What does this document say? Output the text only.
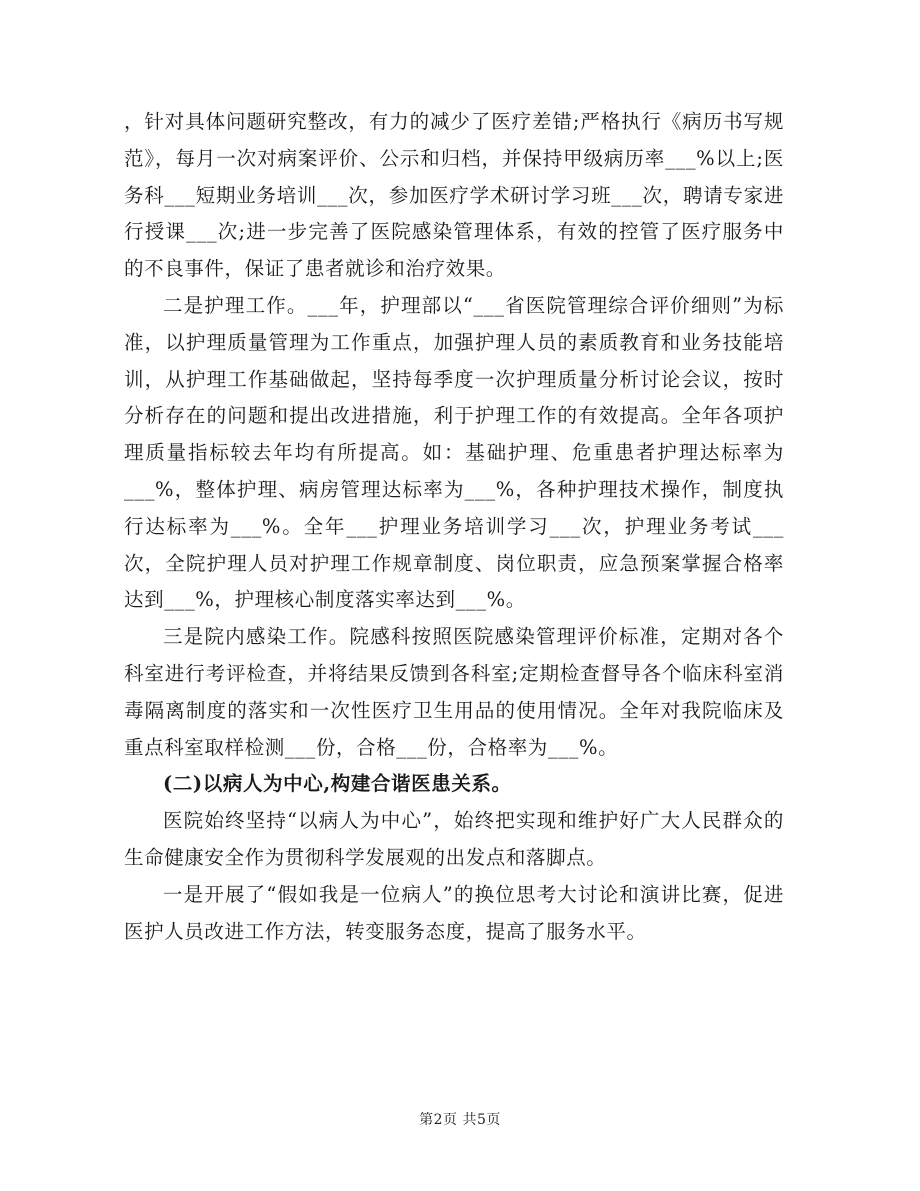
，针对具体问题研究整改，有力的减少了医疗差错;严格执行《病历书写规范》，每月一次对病案评价、公示和归档，并保持甲级病历率___%以上;医务科___短期业务培训___次，参加医疗学术研讨学习班___次，聘请专家进行授课___次;进一步完善了医院感染管理体系，有效的控管了医疗服务中的不良事件，保证了患者就诊和治疗效果。

二是护理工作。___年，护理部以“___省医院管理综合评价细则”为标准，以护理质量管理为工作重点，加强护理人员的素质教育和业务技能培训，从护理工作基础做起，坚持每季度一次护理质量分析讨论会议，按时分析存在的问题和提出改进措施，利于护理工作的有效提高。全年各项护理质量指标较去年均有所提高。如：基础护理、危重患者护理达标率为___%，整体护理、病房管理达标率为___%，各种护理技术操作，制度执行达标率为___%。全年___护理业务培训学习___次，护理业务考试___次，全院护理人员对护理工作规章制度、岗位职责，应急预案掌握合格率达到___%，护理核心制度落实率达到___%。

三是院内感染工作。院感科按照医院感染管理评价标准，定期对各个科室进行考评检查，并将结果反馈到各科室;定期检查督导各个临床科室消毒隔离制度的落实和一次性医疗卫生用品的使用情况。全年对我院临床及重点科室取样检测___份，合格___份，合格率为___%。

(二)以病人为中心,构建合谐医患关系。

医院始终坚持“以病人为中心”，始终把实现和维护好广大人民群众的生命健康安全作为贯彻科学发展观的出发点和落脚点。

一是开展了“假如我是一位病人”的换位思考大讨论和演讲比赛，促进医护人员改进工作方法，转变服务态度，提高了服务水平。

第2页 共5页
